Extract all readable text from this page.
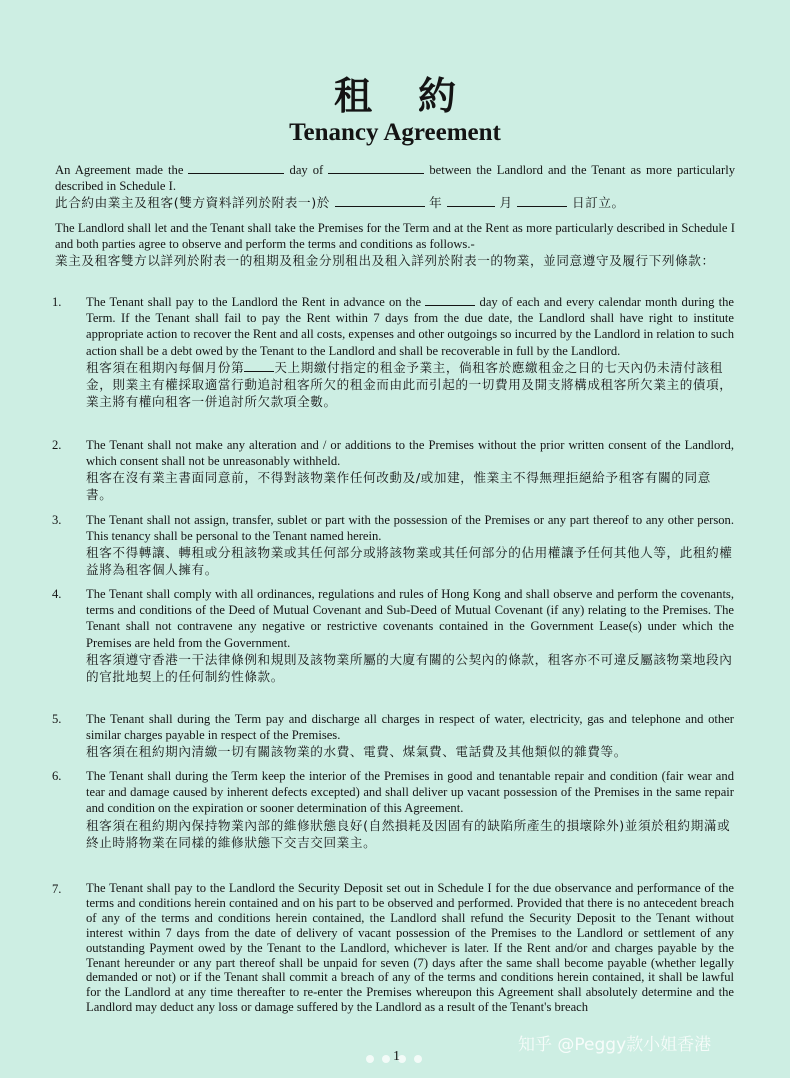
租約
Tenancy Agreement
An Agreement made the	day of	between the Landlord and the Tenant as more particularly described in Schedule I.
此合約由業主及租客(雙方資料詳列於附表一)於	年	月	日訂立。
The Landlord shall let and the Tenant shall take the Premises for the Term and at the Rent as more particularly described in Schedule I and both parties agree to observe and perform the terms and conditions as follows.-
業主及租客雙方以詳列於附表一的租期及租金分別租出及租入詳列於附表一的物業，並同意遵守及履行下列條款：
1. The Tenant shall pay to the Landlord the Rent in advance on the	day of each and every calendar month during the Term. If the Tenant shall fail to pay the Rent within 7 days from the due date, the Landlord shall have right to institute appropriate action to recover the Rent and all costs, expenses and other outgoings so incurred by the Landlord in relation to such action shall be a debt owed by the Tenant to the Landlord and shall be recoverable in full by the Landlord.

租客須在租期內每個月份第 天上期繳付指定的租金予業主，倘租客於應繳租金之日的七天內仍未清付該租金，則業主有權採取適當行動追討租客所欠的租金而由此而引起的一切費用及開支將構成租客所欠業主的債項，業主將有權向租客一併追討所欠款項全數。

2. The Tenant shall not make any alteration and / or additions to the Premises without the prior written consent of the Landlord, which consent shall not be unreasonably withheld.

租客在沒有業主書面同意前，不得對該物業作任何改動及/或加建，惟業主不得無理拒絕給予租客有關的同意書。

3. The Tenant shall not assign, transfer, sublet or part with the possession of the Premises or any part thereof to any other person. This tenancy shall be personal to the Tenant named herein.

租客不得轉讓、轉租或分租該物業或其任何部分或將該物業或其任何部分的佔用權讓予任何其他人等，此租約權益將為租客個人擁有。

4. The Tenant shall comply with all ordinances, regulations and rules of Hong Kong and shall observe and perform the covenants, terms and conditions of the Deed of Mutual Covenant and Sub-Deed of Mutual Covenant (if any) relating to the Premises. The Tenant shall not contravene any negative or restrictive covenants contained in the Government Lease(s) under which the Premises are held from the Government.

租客須遵守香港一干法律條例和規則及該物業所屬的大廈有關的公契內的條款，租客亦不可違反屬該物業地段內的官批地契上的任何制約性條款。

5. The Tenant shall during the Term pay and discharge all charges in respect of water, electricity, gas and telephone and other similar charges payable in respect of the Premises.

租客須在租約期內清繳一切有關該物業的水費、電費、煤氣費、電話費及其他類似的雜費等。

6. The Tenant shall during the Term keep the interior of the Premises in good and tenantable repair and condition (fair wear and tear and damage caused by inherent defects excepted) and shall deliver up vacant possession of the Premises in the same repair and condition on the expiration or sooner determination of this Agreement.

租客須在租約期內保持物業內部的維修狀態良好(自然損耗及因固有的缺陷所產生的損壞除外)並須於租約期滿或終止時將物業在同樣的維修狀態下交吉交回業主。

7. The Tenant shall pay to the Landlord the Security Deposit set out in Schedule I for the due observance and performance of the terms and conditions herein contained and on his part to be observed and performed. Provided that there is no antecedent breach of any of the terms and conditions herein contained, the Landlord shall refund the Security Deposit to the Tenant without interest within 7 days from the date of delivery of vacant possession of the Premises to the Landlord or settlement of any outstanding Payment owed by the Tenant to the Landlord, whichever is later. If the Rent and/or and charges payable by the Tenant hereunder or any part thereof shall be unpaid for seven (7) days after the same shall become payable (whether legally demanded or not) or if the Tenant shall commit a breach of any of the terms and conditions herein contained, it shall be lawful for the Landlord at any time thereafter to re-enter the Premises whereupon this Agreement shall absolutely determine and the Landlord may deduct any loss or damage suffered by the Landlord as a result of the Tenant's breach

1
知乎 @Peggy款小姐香港
